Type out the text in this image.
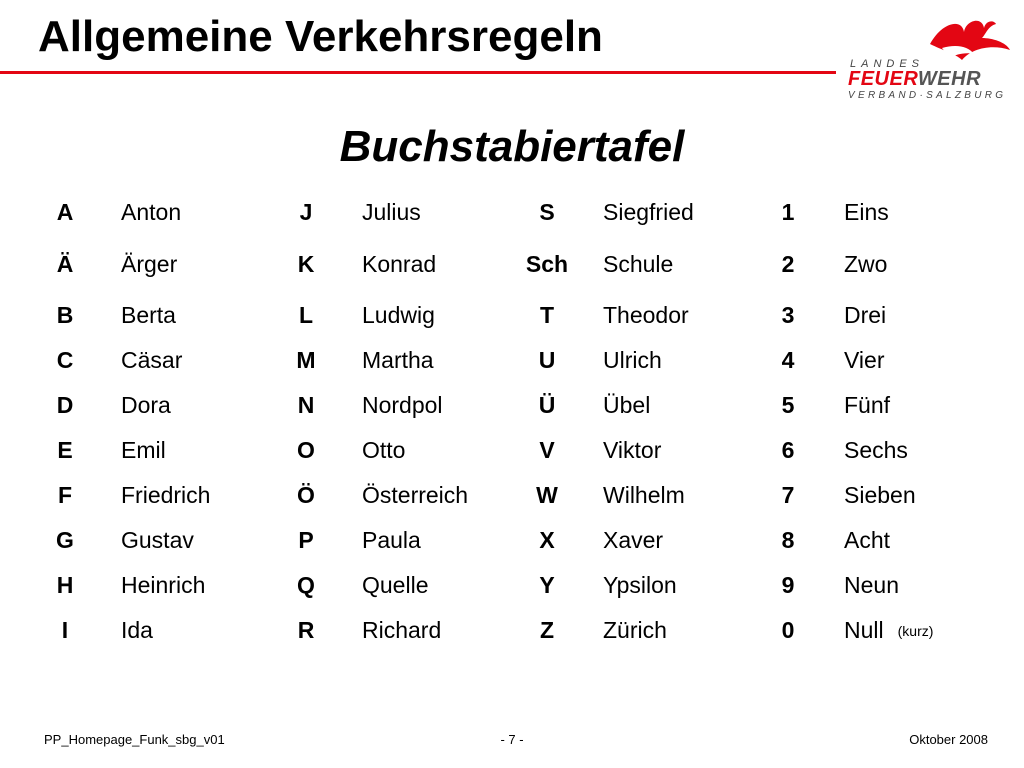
Allgemeine Verkehrsregeln
LANDES
FEUERWEHR
VERBAND·SALZBURG
Buchstabiertafel
A	Anton	J	Julius	S	Siegfried	1	Eins
Ä	Ärger	K	Konrad	Sch	Schule	2	Zwo
B	Berta	L	Ludwig	T	Theodor	3	Drei
C	Cäsar	M	Martha	U	Ulrich	4	Vier
D	Dora	N	Nordpol	Ü	Übel	5	Fünf
E	Emil	O	Otto	V	Viktor	6	Sechs
F	Friedrich	Ö	Österreich	W	Wilhelm	7	Sieben
G	Gustav	P	Paula	X	Xaver	8	Acht
H	Heinrich	Q	Quelle	Y	Ypsilon	9	Neun
I	Ida	R	Richard	Z	Zürich	0	Null (kurz)
PP_Homepage_Funk_sbg_v01	- 7 -	Oktober 2008
